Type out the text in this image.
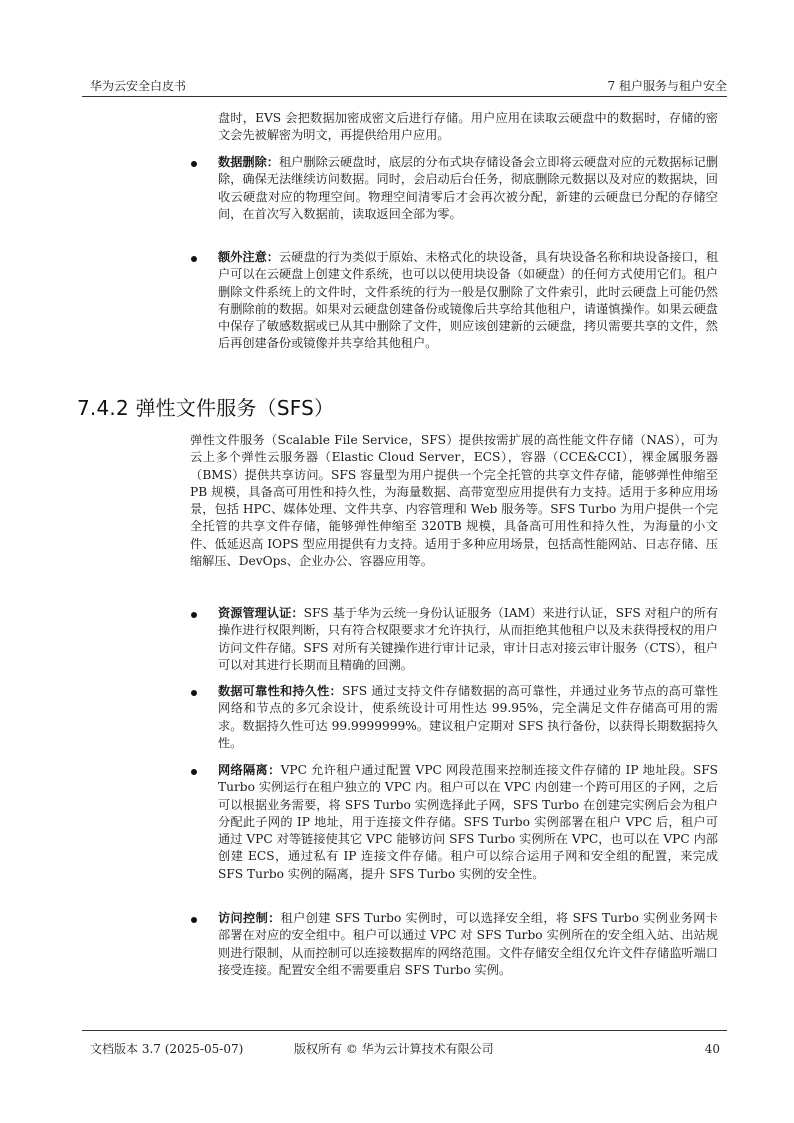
华为云安全白皮书	7 租户服务与租户安全

盘时，EVS 会把数据加密成密文后进行存储。用户应用在读取云硬盘中的数据时，存储的密文会先被解密为明文，再提供给用户应用。

数据删除：租户删除云硬盘时，底层的分布式块存储设备会立即将云硬盘对应的元数据标记删除，确保无法继续访问数据。同时，会启动后台任务，彻底删除元数据以及对应的数据块，回收云硬盘对应的物理空间。物理空间清零后才会再次被分配，新建的云硬盘已分配的存储空间，在首次写入数据前，读取返回全部为零。
额外注意：云硬盘的行为类似于原始、未格式化的块设备，具有块设备名称和块设备接口，租户可以在云硬盘上创建文件系统，也可以以使用块设备（如硬盘）的任何方式使用它们。租户删除文件系统上的文件时，文件系统的行为一般是仅删除了文件索引，此时云硬盘上可能仍然有删除前的数据。如果对云硬盘创建备份或镜像后共享给其他租户，请谨慎操作。如果云硬盘中保存了敏感数据或已从其中删除了文件，则应该创建新的云硬盘，拷贝需要共享的文件，然后再创建备份或镜像并共享给其他租户。
7.4.2 弹性文件服务（SFS）

弹性文件服务（Scalable File Service，SFS）提供按需扩展的高性能文件存储（NAS），可为云上多个弹性云服务器（Elastic Cloud Server，ECS），容器（CCE&CCI），裸金属服务器（BMS）提供共享访问。SFS 容量型为用户提供一个完全托管的共享文件存储，能够弹性伸缩至 PB 规模，具备高可用性和持久性，为海量数据、高带宽型应用提供有力支持。适用于多种应用场景，包括 HPC、媒体处理、文件共享、内容管理和 Web 服务等。SFS Turbo 为用户提供一个完全托管的共享文件存储，能够弹性伸缩至 320TB 规模，具备高可用性和持久性，为海量的小文件、低延迟高 IOPS 型应用提供有力支持。适用于多种应用场景，包括高性能网站、日志存储、压缩解压、DevOps、企业办公、容器应用等。

资源管理认证：SFS 基于华为云统一身份认证服务（IAM）来进行认证，SFS 对租户的所有操作进行权限判断，只有符合权限要求才允许执行，从而拒绝其他租户以及未获得授权的用户访问文件存储。SFS 对所有关键操作进行审计记录，审计日志对接云审计服务（CTS），租户可以对其进行长期而且精确的回溯。
数据可靠性和持久性：SFS 通过支持文件存储数据的高可靠性，并通过业务节点的高可靠性网络和节点的多冗余设计，使系统设计可用性达 99.95%，完全满足文件存储高可用的需求。数据持久性可达 99.9999999%。建议租户定期对 SFS 执行备份，以获得长期数据持久性。
网络隔离：VPC 允许租户通过配置 VPC 网段范围来控制连接文件存储的 IP 地址段。SFS Turbo 实例运行在租户独立的 VPC 内。租户可以在 VPC 内创建一个跨可用区的子网，之后可以根据业务需要，将 SFS Turbo 实例选择此子网，SFS Turbo 在创建完实例后会为租户分配此子网的 IP 地址，用于连接文件存储。SFS Turbo 实例部署在租户 VPC 后，租户可通过 VPC 对等链接使其它 VPC 能够访问 SFS Turbo 实例所在 VPC，也可以在 VPC 内部创建 ECS，通过私有 IP 连接文件存储。租户可以综合运用子网和安全组的配置，来完成 SFS Turbo 实例的隔离，提升 SFS Turbo 实例的安全性。
访问控制：租户创建 SFS Turbo 实例时，可以选择安全组，将 SFS Turbo 实例业务网卡部署在对应的安全组中。租户可以通过 VPC 对 SFS Turbo 实例所在的安全组入站、出站规则进行限制，从而控制可以连接数据库的网络范围。文件存储安全组仅允许文件存储监听端口接受连接。配置安全组不需要重启 SFS Turbo 实例。
文档版本 3.7 (2025-05-07)	版权所有 © 华为云计算技术有限公司	40
